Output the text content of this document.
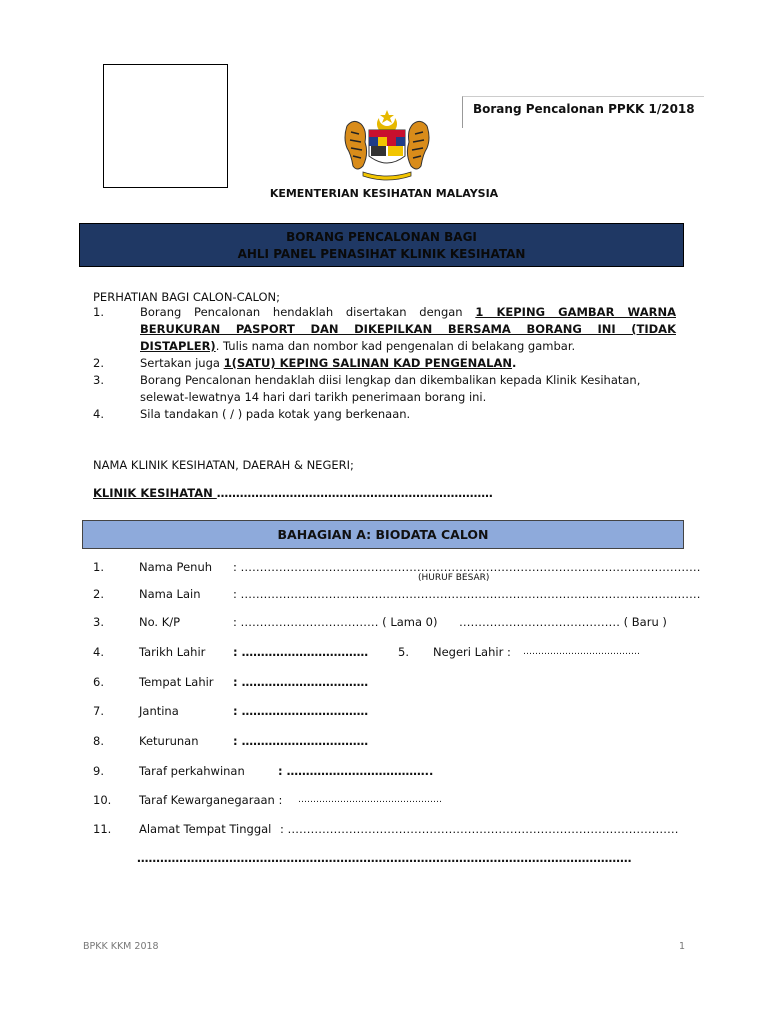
Borang Pencalonan PPKK 1/2018
KEMENTERIAN KESIHATAN MALAYSIA
BORANG PENCALONAN BAGI
AHLI PANEL PENASIHAT KLINIK KESIHATAN
PERHATIAN BAGI CALON-CALON;
1.	Borang Pencalonan hendaklah disertakan dengan 1 KEPING GAMBAR WARNA BERUKURAN PASPORT DAN DIKEPILKAN BERSAMA BORANG INI (TIDAK DISTAPLER). Tulis nama dan nombor kad pengenalan di belakang gambar.
2.	Sertakan juga 1(SATU) KEPING SALINAN KAD PENGENALAN.
3.	Borang Pencalonan hendaklah diisi lengkap dan dikembalikan kepada Klinik Kesihatan, selewat-lewatnya 14 hari dari tarikh penerimaan borang ini.
4.	Sila tandakan ( / ) pada kotak yang berkenaan.
NAMA KLINIK KESIHATAN, DAERAH & NEGERI;
KLINIK KESIHATAN ………………………………………………………………
BAHAGIAN A: BIODATA CALON
1.	Nama Penuh : …………………………………………………………………………………………………………
(HURUF BESAR)
2.	Nama Lain	: …………………………………………………………………………………………………………
3.	No. K/P	: ……………………………… ( Lama 0) …………………………………… ( Baru )
4.	Tarikh Lahir : ……………………………	5. Negeri Lahir : …………………………………
6.	Tempat Lahir : ……………………………
7.	Jantina	: ……………………………
8.	Keturunan	: ……………………………
9.	Taraf perkahwinan	: ………………………………..
10. Taraf Kewarganegaraan : …………………………………………
11. Alamat Tempat Tinggal : …………………………………………………………………………………………
…………………………………………………………………………………………………………………
BPKK KKM 2018	1
